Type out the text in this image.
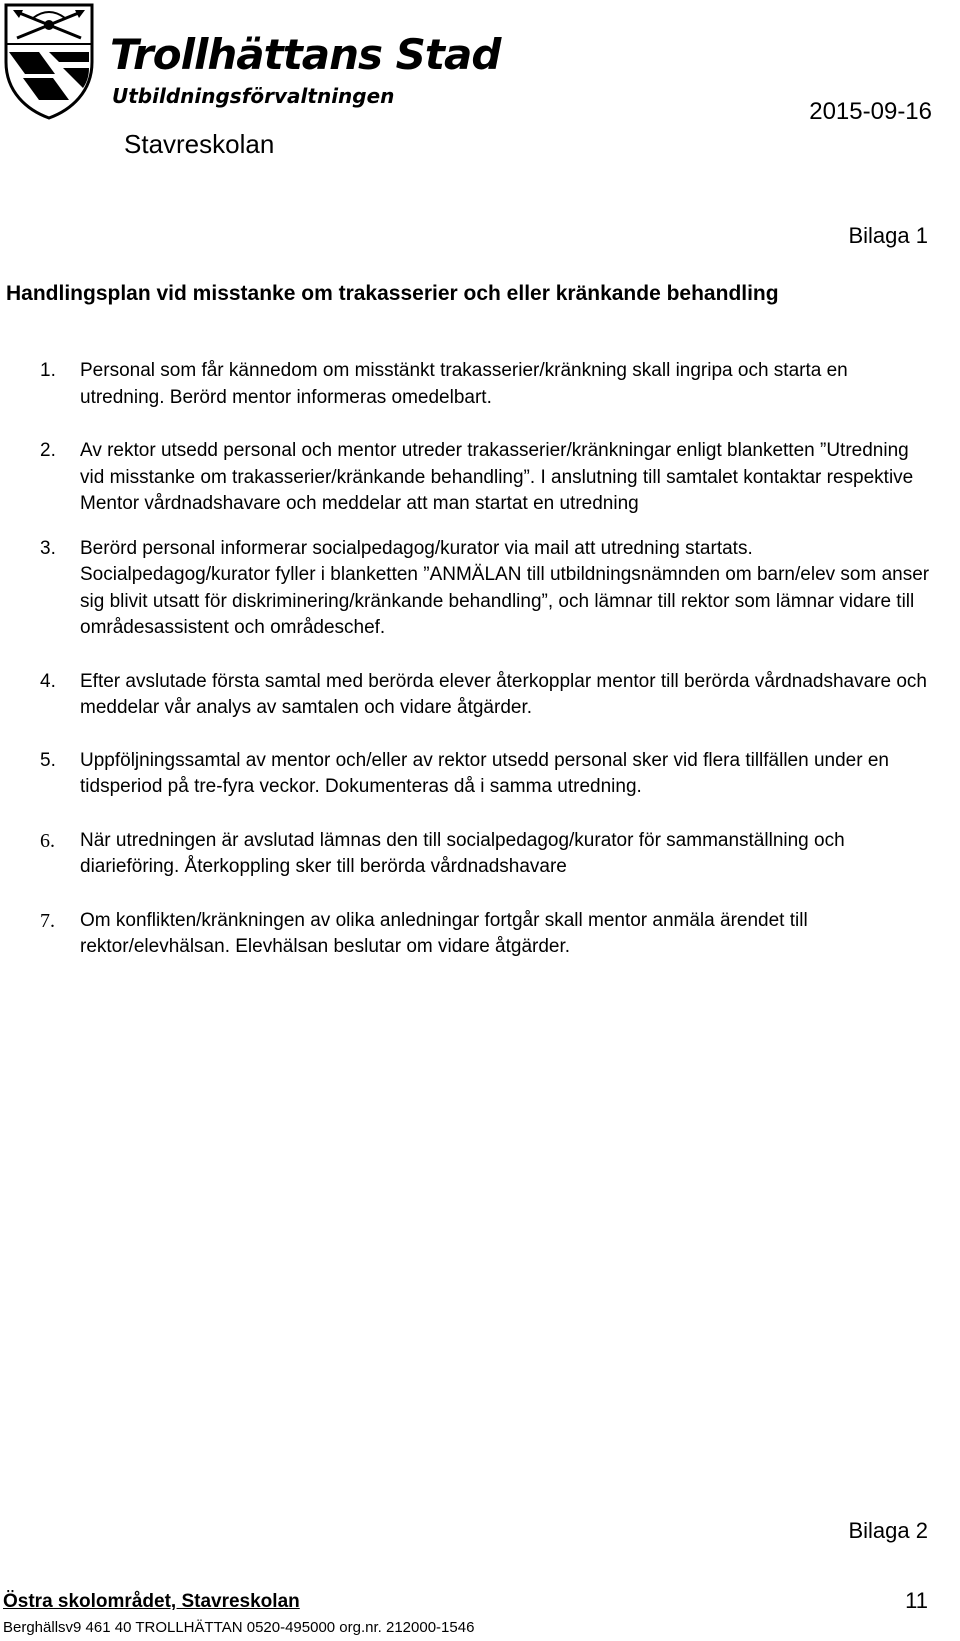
Trollhättans Stad
Utbildningsförvaltningen
Stavreskolan
2015-09-16
Bilaga 1
Handlingsplan vid misstanke om trakasserier och eller kränkande behandling
1. Personal som får kännedom om misstänkt trakasserier/kränkning skall ingripa och starta en utredning. Berörd mentor informeras omedelbart.
2. Av rektor utsedd personal och mentor utreder trakasserier/kränkningar enligt blanketten ”Utredning vid misstanke om trakasserier/kränkande behandling”. I anslutning till samtalet kontaktar respektive Mentor vårdnadshavare och meddelar att man startat en utredning
3. Berörd personal informerar socialpedagog/kurator via mail att utredning startats. Socialpedagog/kurator fyller i blanketten ”ANMÄLAN till utbildningsnämnden om barn/elev som anser sig blivit utsatt för diskriminering/kränkande behandling”, och lämnar till rektor som lämnar vidare till områdesassistent och områdeschef.
4. Efter avslutade första samtal med berörda elever återkopplar mentor till berörda vårdnadshavare och meddelar vår analys av samtalen och vidare åtgärder.
5. Uppföljningssamtal av mentor och/eller av rektor utsedd personal sker vid flera tillfällen under en tidsperiod på tre-fyra veckor. Dokumenteras då i samma utredning.
6. När utredningen är avslutad lämnas den till socialpedagog/kurator för sammanställning och diarieföring. Återkoppling sker till berörda vårdnadshavare
7. Om konflikten/kränkningen av olika anledningar fortgår skall mentor anmäla ärendet till rektor/elevhälsan. Elevhälsan beslutar om vidare åtgärder.
Bilaga 2
Östra skolområdet, Stavreskolan	11
Berghällsv9 461 40 TROLLHÄTTAN 0520-495000 org.nr. 212000-1546
